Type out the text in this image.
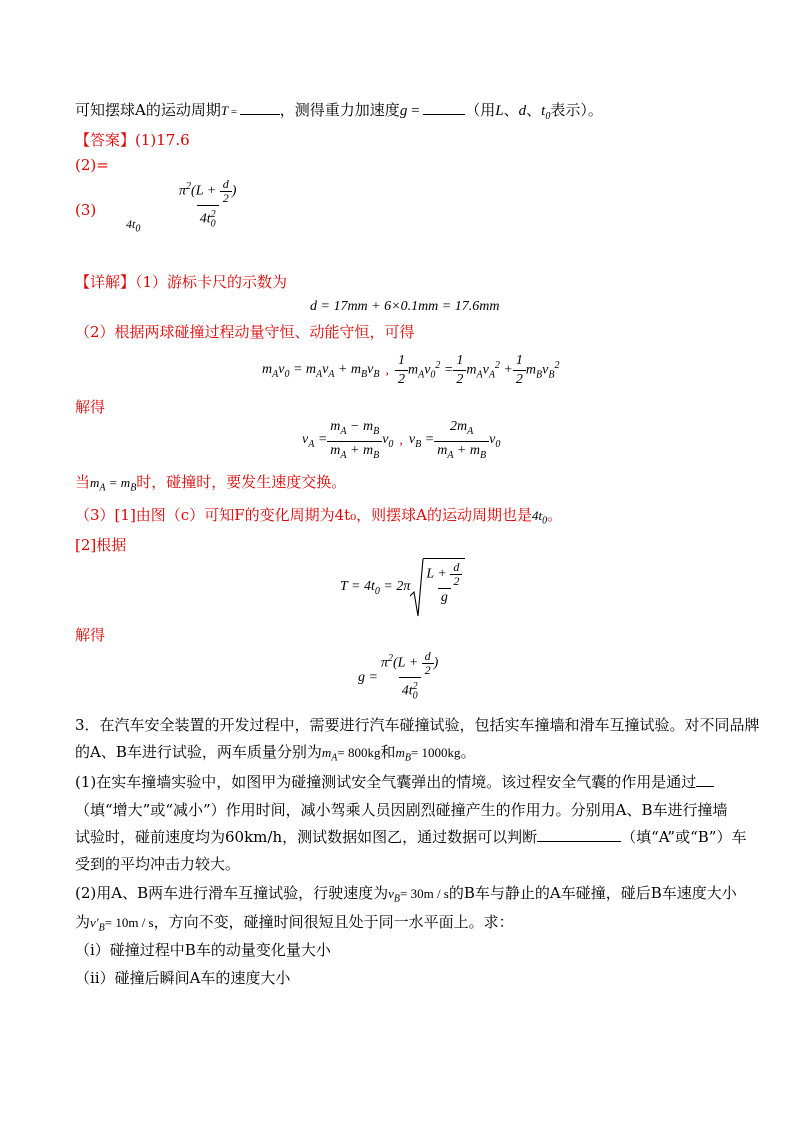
可知摆球A的运动周期T =	，测得重力加速度g =	（用L、d、$t_0$表示）。
【答案】(1)17.6
(2)=
(3)
$4t_0$	$\frac{\pi^2(L + \frac{d}{2} )}{4t_0^2}$
【详解】（1）游标卡尺的示数为
d = 17mm + 6×0.1mm = 17.6mm
（2）根据两球碰撞过程动量守恒、动能守恒，可得
$m_Av_0 = m_Av_A + m_Bv_B$ , $\frac{1}{2} m_Av_0^2 = \frac{1}{2} m_Av_A^2 + \frac{1}{2} m_Bv_B^2$
解得
$v_A = \frac{m_A - m_B}{m_A + m_B} v_0$ , $v_B = \frac{2m_A}{m_A + m_B} v_0$
当$m_A = m_B$时，碰撞时，要发生速度交换。
（3）[1]由图（c）可知F的变化周期为4t₀，则摆球A的运动周期也是$4t_0$。
[2]根据
$T = 4t_0 = 2\pi \frac{L + \frac{d}{2}}{g}$
解得
$g = \frac{\pi^2(L + \frac{d}{2} )}{4t_0^2}$
3．在汽车安全装置的开发过程中，需要进行汽车碰撞试验，包括实车撞墙和滑车互撞试验。对不同品牌
的A、B车进行试验，两车质量分别为$m_A= 800kg$和$m_B= 1000kg$。
(1)在实车撞墙实验中，如图甲为碰撞测试安全气囊弹出的情境。该过程安全气囊的作用是通过
（填“增大”或“减小”）作用时间，减小驾乘人员因剧烈碰撞产生的作用力。分别用A、B车进行撞墙
试验时，碰前速度均为60km/h，测试数据如图乙，通过数据可以判断	（填“A”或“B”）车
受到的平均冲击力较大。
(2)用A、B两车进行滑车互撞试验，行驶速度为$v_B= 30m / s$的B车与静止的A车碰撞，碰后B车速度大小
为$v'_B= 10m / s$，方向不变，碰撞时间很短且处于同一水平面上。求：
（ⅰ）碰撞过程中B车的动量变化量大小
（ⅱ）碰撞后瞬间A车的速度大小
